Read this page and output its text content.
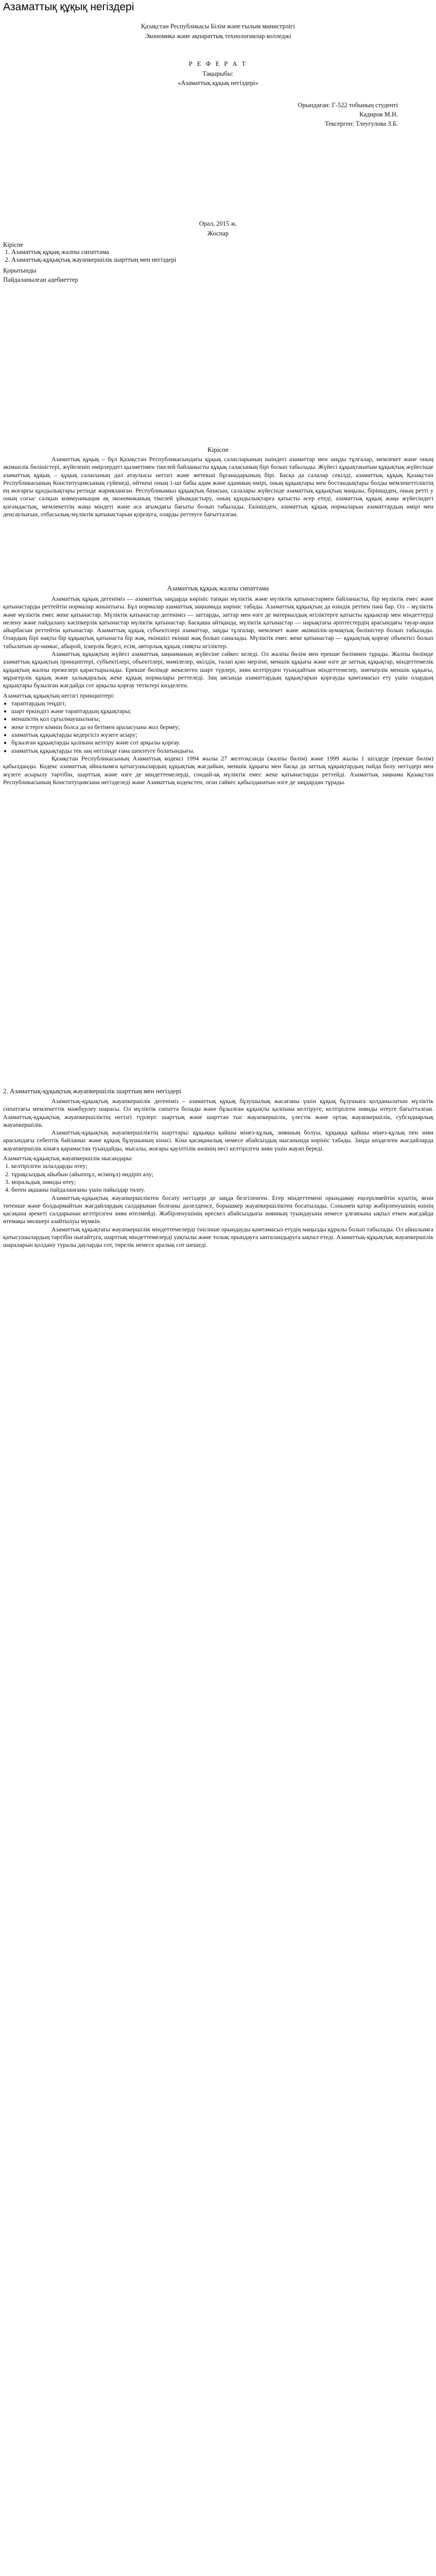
Азаматтық құқық негіздері
Қазақстан Республикасы Білім және ғылым министрлігі
Экономика және ақпараттық технологиялар колледжі
Р Е Ф Е Р А Т
Тақырыбы:
«Азаматтық құқық негіздері»
Орындаған: Г-522 тобының студенті
Кадиров М.Н.
Тексерген: Тлеуғулова З.Б.
Орал, 2015 ж.
Жоспар
Кіріспе
1. Азаматтық құқық жалпы сипаттама
2. Азаматтық-құқықтық жауапкершілік шарттың мен негіздері
Қорытынды
Пайдаланылған әдебиеттер
Кіріспе

Азаматтық құқық – бұл Қазақстан Республикасындағы құқық саласларының ішіндегі азаматтар мен заңды тұлғалар, мемлекет және оның әкімшілік бөліністері, жүйеленіп өмірлердегі қызметімен тікелей байланысты құқық саласының бірі болып табылады. Жүйесі құқықтанатын құқықтық жүйесінде азаматтық құқық – құқық саласының дәл атаулысы негізгі және жетекші бұғанадарының бірі. Басқа да салалар секілді, азаматтық құқық Қазақстан Республикасының Конституциясының сүйенеді, өйткені оның 1-ші бабы адам және адамның өмірі, оның құқықтары мен бостандықтары болды мемлекеттіліктің ең жоғарғы құндылықтары ретінде жарияланған. Республикамыз құқықтық базасын, салалары жүйесінде азаматтық құқықтың маңызы, бірінщіден, оның ретті у оның соғыс салқын коммуникация ақ экономиканың тікелей ұйымдастыру, оның құндылықтарға қатысты әсер етеді, азаматтық құқық жаңа жүйесіндегі қоғамдастық, мемлекеттің жаңа міндеті және аса ағымдағы бағыты болып табылады. Екіншіден, азаматтық құқық нормаларын азаматтардың өмірі мен денсаулығын, отбасылық-мүліктік қатынастарын қорғауға, оларды реттеуге бағытталған.

Азаматтық құқық жалпы сипаттама

Азаматтық құқық дегеніміз — азаматтық заңдарда көрініс тапқан мүліктік және мүліктік қатынастармен байланысты, бір мүліктік емес және қатынастарды реттейтін нормалар жиынтығы. Бұл нормалар азаматтық заңнамада көрініс табады. Азаматтық құқықтың да өзіндік ретпен пәні бар. Ол – мүліктік және мүліктік емес жеке қатынастар. Мүліктік қатынастар дегеніміз — заттарды, заттар мен өзге де материалдық игіліктерге қатысты құқықтар мен міндеттерді иелену және пайдалану кәсіпкерлік қатынастар мүліктік қатынастар. Басқаша айтқанда, мүліктік қатынастар — нарықтағы әріптестердің арасындағы тауар-ақша айырбасын реттейтін қатынастар. Азаматтық құқық субъектілері азаматтар, заңды тұлғалар, мемлекет және әкімшілік-аумақтық бөліністер болып табылады. Олардың бірі нақты бір құқықтық қатынаста бір жақ, екіншісі екінші жақ болып саналады. Мүліктік емес жеке қатынастар — құқықтық қорғау объектісі болып табылатын ар-намыс, абырой, іскерлік бедел, есім, авторлық құқық сияқты игіліктер.

Азаматтық құқықтың жүйесі азаматтық заңнаманың жүйесіне сәйкес келеді. Ол жалпы бөлім мен ерекше бөлімнен тұрады. Жалпы бөлімде азаматтық құқықтың принциптері, субъектілері, объектілері, мәмілелер, өкілдік, талап қою мерзімі, меншік құқығы және өзге де заттық құқықтар, міндеттемелік құқықтың жалпы ережелері қарастырылады. Ерекше бөлімде жекелеген шарт түрлері, зиян келтіруден туындайтын міндеттемелер, зияткерлік меншік құқығы, мұрагерлік құқық және халықаралық жеке құқық нормалары реттеледі. Заң аясында азаматтардың құқықтарын қорғауды қамтамасыз ету үшін олардың құқықтары бұзылған жағдайда сот арқылы қорғау тетіктері көзделген.

Азаматтық құқықтың негізгі принциптері:
• тараптардың теңдігі;
• шарт еркіндігі және тараптардың құқықтары;
• меншіктің қол сұғылмаушылығы;
• жеке істерге кімнің болса да өз бетімен араласуына жол бермеу;
• азаматтық құқықтарды кедергісіз жүзеге асыру;
• бұзылған құқықтарды қалпына келтіру және сот арқылы қорғау.
• азаматтық құқықтарды тек заң негізінде ғана шектеуге болатындығы.

Қазақстан Республикасының Азаматтық кодексі 1994 жылы 27 желтоқсанда (жалпы бөлім) және 1999 жылы 1 шілдеде (ерекше бөлім) қабылданды. Кодекс азаматтық айналымға қатысушылардың құқықтық жағдайын, меншік құқығы мен басқа да заттық құқықтардың пайда болу негіздері мен жүзеге асырылу тәртібін, шарттық және өзге де міндеттемелерді, сондай-ақ мүліктік емес жеке қатынастарды реттейді. Азаматтық заңнама Қазақстан Республикасының Конституциясына негізделеді және Азаматтық кодекстен, оған сәйкес қабылданатын өзге де заңдардан тұрады.

2. Азаматтық-құқықтық жауапкершілік шарттың мен негіздері

Азаматтық-құқықтық жауапкершілік дегеніміз – азаматтық құқық бұзушылық жасағаны үшін құқық бұзушыға қолданылатын мүліктік сипаттағы мемлекеттік мәжбүрлеу шарасы. Ол мүліктік сипатта болады және бұзылған құқықты қалпына келтіруге, келтірілген зиянды өтеуге бағытталған. Азаматтық-құқықтық жауапкершіліктің негізгі түрлері: шарттық және шарттан тыс жауапкершілік, үлестік және ортақ жауапкершілік, субсидиарлық жауапкершілік.

Азаматтық-құқықтық жауапкершіліктің шарттары: құқыққа қайшы мінез-құлық, зиянның болуы, құқыққа қайшы мінез-құлық пен зиян арасындағы себептік байланыс және құқық бұзушының кінәсі. Кінә қасақаналық немесе абайсыздық нысанында көрініс табады. Заңда көзделген жағдайларда жауапкершілік кінәға қарамастан туындайды, мысалы, жоғары қауіптілік көзінің иесі келтірілген зиян үшін жауап береді.

Азаматтық-құқықтық жауапкершілік нысандары:
1. келтірілген залалдарды өтеу;
2. тұрақсыздық айыбын (айыппұл, өсімпұл) өндіріп алу;
3. моральдық зиянды өтеу;
4. бөтен ақшаны пайдаланғаны үшін пайыздар төлеу.

Азаматтық-құқықтық жауапкершіліктен босату негіздері де заңда белгіленген. Егер міндеттемені орындамау еңсерілмейтін күштің, яғни төтенше және болдырмайтын жағдайлардың салдарынан болғаны дәлелденсе, борышкер жауапкершіліктен босатылады. Сонымен қатар жәбірленушінің өзінің қасақана әрекеті салдарынан келтірілген зиян өтелмейді. Жәбірленушінің өрескел абайсыздығы зиянның туындауына немесе ұлғаюына ықпал еткен жағдайда өтемақы мөлшері азайтылуы мүмкін.

Азаматтық құқықтағы жауапкершілік міндеттемелерді тиісінше орындауды қамтамасыз етудің маңызды құралы болып табылады. Ол айналымға қатысушылардың тәртібін нығайтуға, шарттық міндеттемелерді уақтылы және толық орындауға ынталандыруға ықпал етеді. Азаматтық-құқықтық жауапкершілік шараларын қолдану туралы дауларды сот, төрелік немесе аралық сот шешеді.
